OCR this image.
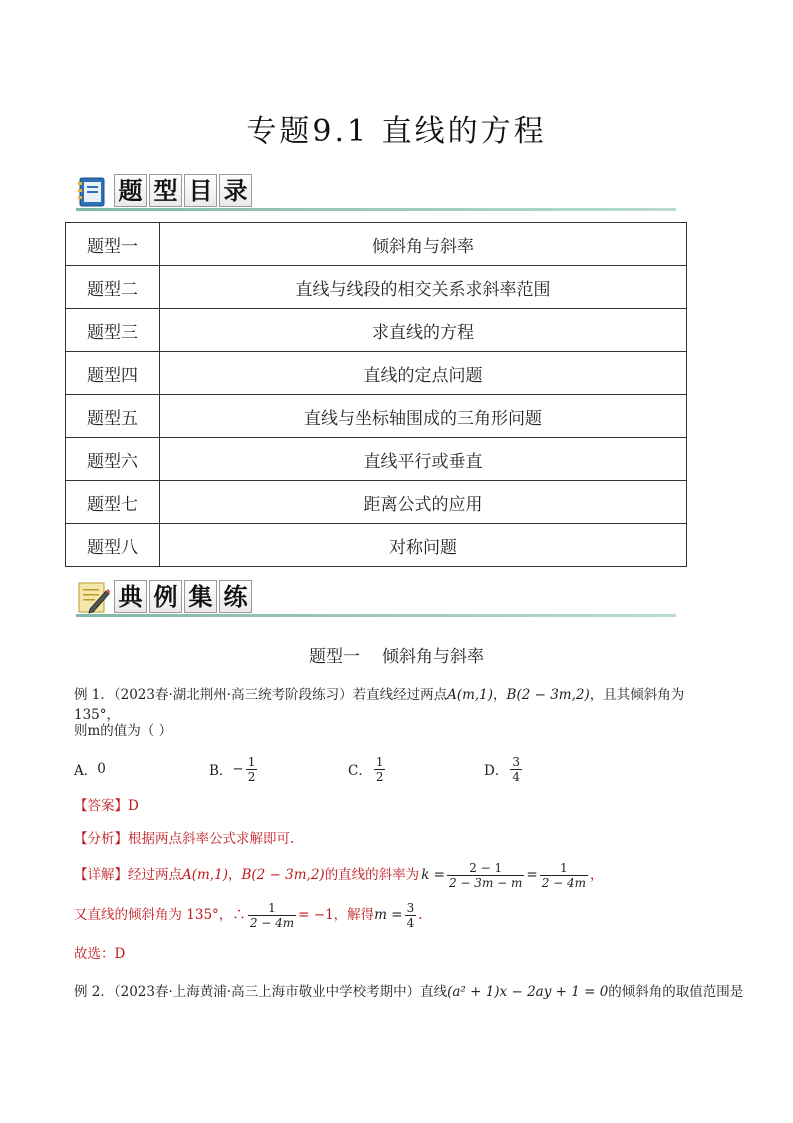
专题9.1 直线的方程
题 型 目 录
题型一	倾斜角与斜率
题型二	直线与线段的相交关系求斜率范围
题型三	求直线的方程
题型四	直线的定点问题
题型五	直线与坐标轴围成的三角形问题
题型六	直线平行或垂直
题型七	距离公式的应用
题型八	对称问题
典 例 集 练
题型一 倾斜角与斜率
例 1．（2023春·湖北荆州·高三统考阶段练习）若直线经过两点A(m,1)，B(2 − 3m,2)，且其倾斜角为 135°，
则m的值为（ ）
A． 0	B． − $\frac{1}{2}$	C． $\frac{1}{2}$	D． $\frac{3}{4}$
【答案】D
【分析】根据两点斜率公式求解即可.
【详解】 经过两点 A(m,1) ， B(2 − 3m,2) 的直线的斜率为 $k = \frac{2 - 1}{2 - 3m - m} = \frac{1}{2 - 4m}$ ，
又直线的倾斜角为 135°，∴ $\frac{1}{2 - 4m} = -1$，解得 $m = \frac{3}{4}$ .
故选：D
例 2．（2023春·上海黄浦·高三上海市敬业中学校考期中）直线(a² + 1)x − 2ay + 1 = 0的倾斜角的取值范围是
